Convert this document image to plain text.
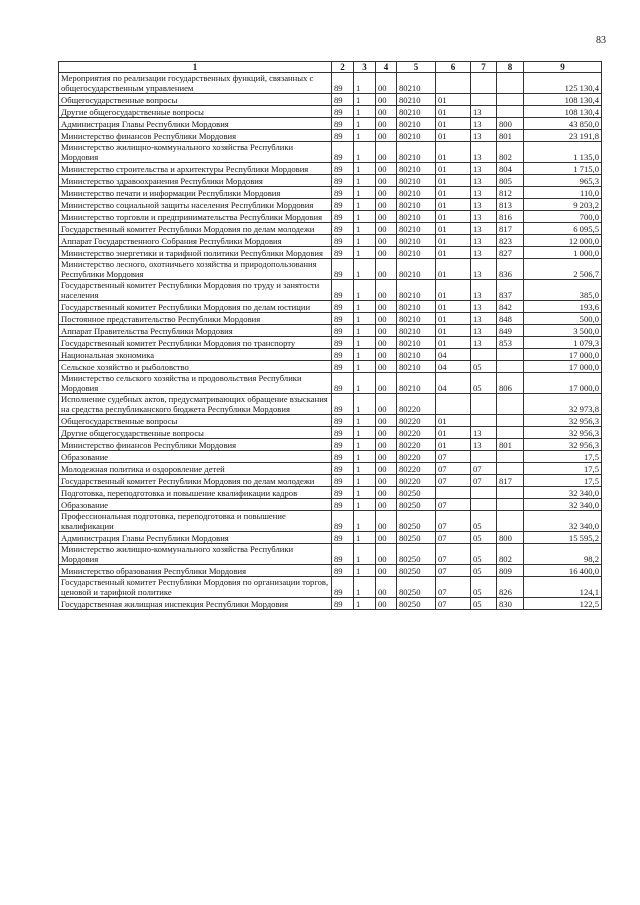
83
1	2	3	4	5	6	7	8	9
Мероприятия по реализации государственных функций, связанных с общегосударственным управлением	89	1	00	80210				125 130,4
Общегосударственные вопросы	89	1	00	80210	01			108 130,4
Другие общегосударственные вопросы	89	1	00	80210	01	13		108 130,4
Администрация Главы Республики Мордовия	89	1	00	80210	01	13	800	43 850,0
Министерство финансов Республики Мордовия	89	1	00	80210	01	13	801	23 191,8
Министерство жилищно-коммунального хозяйства Республики Мордовия	89	1	00	80210	01	13	802	1 135,0
Министерство строительства и архитектуры Республики Мордовия	89	1	00	80210	01	13	804	1 715,0
Министерство здравоохранения Республики Мордовия	89	1	00	80210	01	13	805	965,3
Министерство печати и информации Республики Мордовия	89	1	00	80210	01	13	812	110,0
Министерство социальной защиты населения Республики Мордовия	89	1	00	80210	01	13	813	9 203,2
Министерство торговли и предпринимательства Республики Мордовия	89	1	00	80210	01	13	816	700,0
Государственный комитет Республики Мордовия по делам молодежи	89	1	00	80210	01	13	817	6 095,5
Аппарат Государственного Собрания Республики Мордовия	89	1	00	80210	01	13	823	12 000,0
Министерство энергетики и тарифной политики Республики Мордовия	89	1	00	80210	01	13	827	1 000,0
Министерство лесного, охотничьего хозяйства и природопользования Республики Мордовия	89	1	00	80210	01	13	836	2 506,7
Государственный комитет Республики Мордовия по труду и занятости населения	89	1	00	80210	01	13	837	385,0
Государственный комитет Республики Мордовия по делам юстиции	89	1	00	80210	01	13	842	193,6
Постоянное представительство Республики Мордовия	89	1	00	80210	01	13	848	500,0
Аппарат Правительства Республики Мордовия	89	1	00	80210	01	13	849	3 500,0
Государственный комитет Республики Мордовия по транспорту	89	1	00	80210	01	13	853	1 079,3
Национальная экономика	89	1	00	80210	04			17 000,0
Сельское хозяйство и рыболовство	89	1	00	80210	04	05		17 000,0
Министерство сельского хозяйства и продовольствия Республики Мордовия	89	1	00	80210	04	05	806	17 000,0
Исполнение судебных актов, предусматривающих обращение взыскания на средства республиканского бюджета Республики Мордовия	89	1	00	80220				32 973,8
Общегосударственные вопросы	89	1	00	80220	01			32 956,3
Другие общегосударственные вопросы	89	1	00	80220	01	13		32 956,3
Министерство финансов Республики Мордовия	89	1	00	80220	01	13	801	32 956,3
Образование	89	1	00	80220	07			17,5
Молодежная политика и оздоровление детей	89	1	00	80220	07	07		17,5
Государственный комитет Республики Мордовия по делам молодежи	89	1	00	80220	07	07	817	17,5
Подготовка, переподготовка и повышение квалификации кадров	89	1	00	80250				32 340,0
Образование	89	1	00	80250	07			32 340,0
Профессиональная подготовка, переподготовка и повышение квалификации	89	1	00	80250	07	05		32 340,0
Администрация Главы Республики Мордовия	89	1	00	80250	07	05	800	15 595,2
Министерство жилищно-коммунального хозяйства Республики Мордовия	89	1	00	80250	07	05	802	98,2
Министерство образования Республики Мордовия	89	1	00	80250	07	05	809	16 400,0
Государственный комитет Республики Мордовия по организации торгов, ценовой и тарифной политике	89	1	00	80250	07	05	826	124,1
Государственная жилищная инспекция Республики Мордовия	89	1	00	80250	07	05	830	122,5
